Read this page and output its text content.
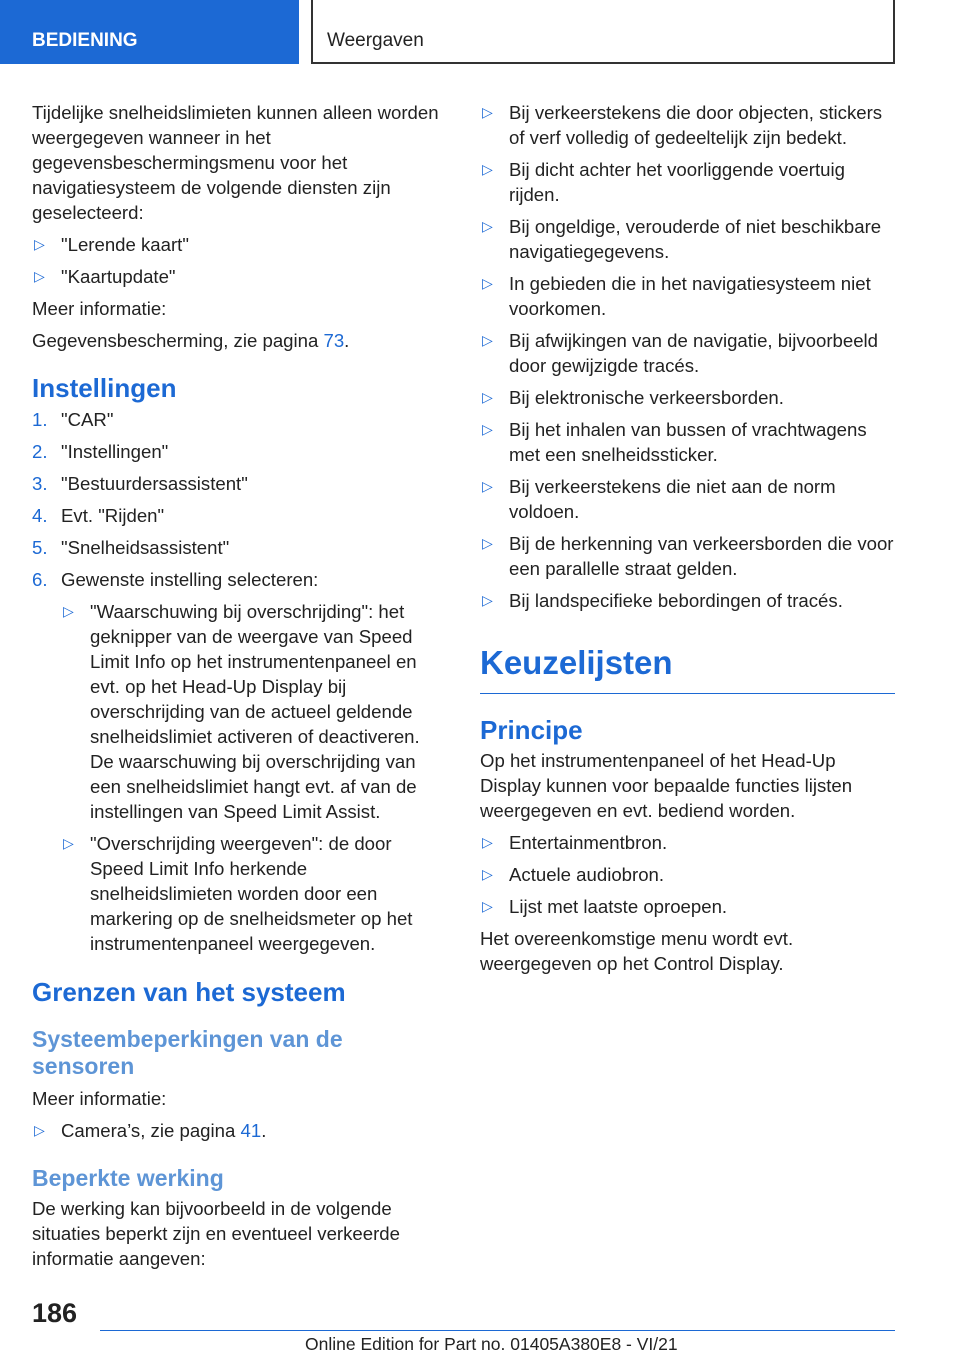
BEDIENING	Weergaven

Tijdelijke snelheidslimieten kunnen alleen worden weergegeven wanneer in het gegevensbeschermingsmenu voor het navigatiesysteem de volgende diensten zijn geselecteerd:

▷ "Lerende kaart"
▷ "Kaartupdate"

Meer informatie:

Gegevensbescherming, zie pagina 73.

Instellingen
1. "CAR"
2. "Instellingen"
3. "Bestuurdersassistent"
4. Evt. "Rijden"
5. "Snelheidsassistent"
6. Gewenste instelling selecteren:
▷ "Waarschuwing bij overschrijding": het geknipper van de weergave van Speed Limit Info op het instrumentenpaneel en evt. op het Head-Up Display bij overschrijding van de actueel geldende snelheidslimiet activeren of deactiveren. De waarschuwing bij overschrijding van een snelheidslimiet hangt evt. af van de instellingen van Speed Limit Assist.
▷ "Overschrijding weergeven": de door Speed Limit Info herkende snelheidslimieten worden door een markering op de snelheidsmeter op het instrumentenpaneel weergegeven.
Grenzen van het systeem
Systeembeperkingen van de sensoren

Meer informatie:

▷ Camera’s, zie pagina 41.
Beperkte werking

De werking kan bijvoorbeeld in de volgende situaties beperkt zijn en eventueel verkeerde informatie aangeven:

▷ Bij verkeerstekens die door objecten, stickers of verf volledig of gedeeltelijk zijn bedekt.
▷ Bij dicht achter het voorliggende voertuig rijden.
▷ Bij ongeldige, verouderde of niet beschikbare navigatiegegevens.
▷ In gebieden die in het navigatiesysteem niet voorkomen.
▷ Bij afwijkingen van de navigatie, bijvoorbeeld door gewijzigde tracés.
▷ Bij elektronische verkeersborden.
▷ Bij het inhalen van bussen of vrachtwagens met een snelheidssticker.
▷ Bij verkeerstekens die niet aan de norm voldoen.
▷ Bij de herkenning van verkeersborden die voor een parallelle straat gelden.
▷ Bij landspecifieke bebordingen of tracés.
Keuzelijsten
Principe

Op het instrumentenpaneel of het Head-Up Display kunnen voor bepaalde functies lijsten weergegeven en evt. bediend worden.

▷ Entertainmentbron.
▷ Actuele audiobron.
▷ Lijst met laatste oproepen.

Het overeenkomstige menu wordt evt. weergegeven op het Control Display.

186
Online Edition for Part no. 01405A380E8 - VI/21
